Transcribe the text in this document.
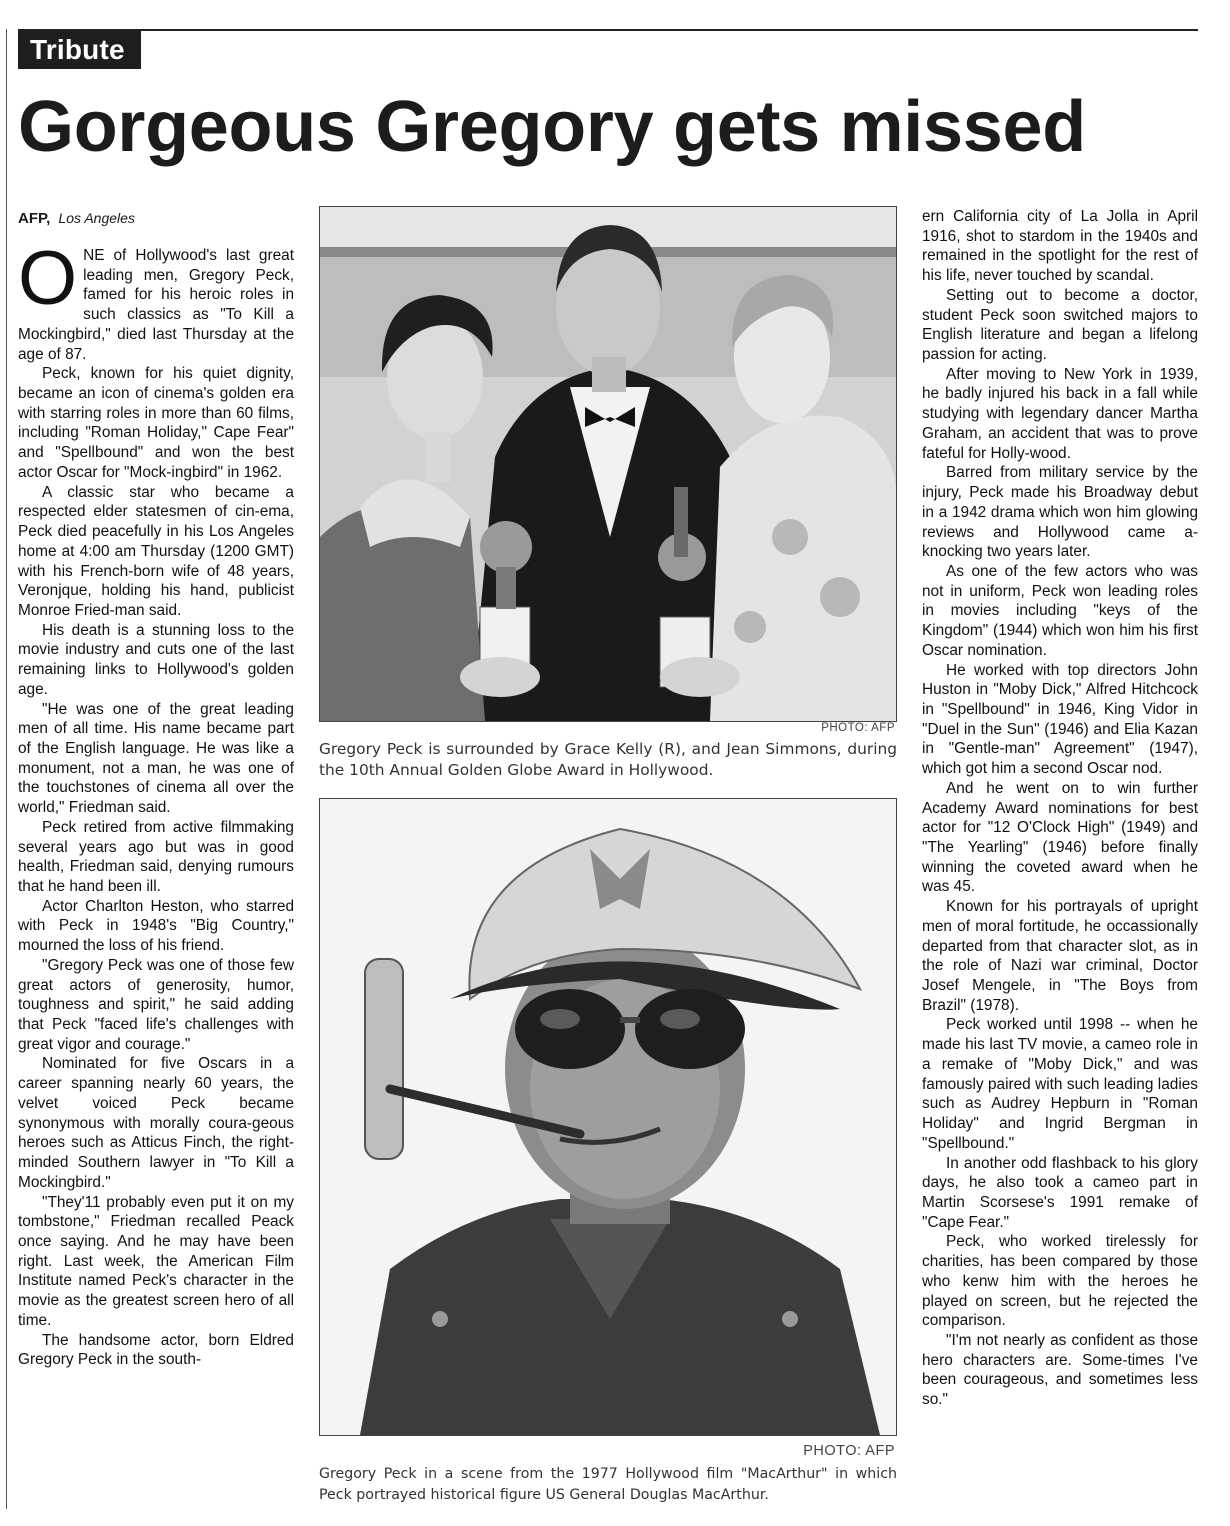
Tribute
Gorgeous Gregory gets missed
AFP, Los Angeles

ONE of Hollywood's last great leading men, Gregory Peck, famed for his heroic roles in such classics as "To Kill a Mockingbird," died last Thursday at the age of 87.

Peck, known for his quiet dignity, became an icon of cinema's golden era with starring roles in more than 60 films, including "Roman Holiday," Cape Fear" and "Spellbound" and won the best actor Oscar for "Mock-ingbird" in 1962.

A classic star who became a respected elder statesmen of cin-ema, Peck died peacefully in his Los Angeles home at 4:00 am Thursday (1200 GMT) with his French-born wife of 48 years, Veronjque, holding his hand, publicist Monroe Fried-man said.

His death is a stunning loss to the movie industry and cuts one of the last remaining links to Hollywood's golden age.

"He was one of the great leading men of all time. His name became part of the English language. He was like a monument, not a man, he was one of the touchstones of cinema all over the world," Friedman said.

Peck retired from active filmmaking several years ago but was in good health, Friedman said, denying rumours that he hand been ill.

Actor Charlton Heston, who starred with Peck in 1948's "Big Country," mourned the loss of his friend.

"Gregory Peck was one of those few great actors of generosity, humor, toughness and spirit," he said adding that Peck "faced life's challenges with great vigor and courage."

Nominated for five Oscars in a career spanning nearly 60 years, the velvet voiced Peck became synonymous with morally coura-geous heroes such as Atticus Finch, the right-minded Southern lawyer in "To Kill a Mockingbird."

"They'11 probably even put it on my tombstone," Friedman recalled Peack once saying. And he may have been right. Last week, the American Film Institute named Peck's character in the movie as the greatest screen hero of all time.

The handsome actor, born Eldred Gregory Peck in the south-

PHOTO: AFP
Gregory Peck is surrounded by Grace Kelly (R), and Jean Simmons, during the 10th Annual Golden Globe Award in Hollywood.
PHOTO: AFP
Gregory Peck in a scene from the 1977 Hollywood film "MacArthur" in which Peck portrayed historical figure US General Douglas MacArthur.

ern California city of La Jolla in April 1916, shot to stardom in the 1940s and remained in the spotlight for the rest of his life, never touched by scandal.

Setting out to become a doctor, student Peck soon switched majors to English literature and began a lifelong passion for acting.

After moving to New York in 1939, he badly injured his back in a fall while studying with legendary dancer Martha Graham, an accident that was to prove fateful for Holly-wood.

Barred from military service by the injury, Peck made his Broadway debut in a 1942 drama which won him glowing reviews and Hollywood came a-knocking two years later.

As one of the few actors who was not in uniform, Peck won leading roles in movies including "keys of the Kingdom" (1944) which won him his first Oscar nomination.

He worked with top directors John Huston in "Moby Dick," Alfred Hitchcock in "Spellbound" in 1946, King Vidor in "Duel in the Sun" (1946) and Elia Kazan in "Gentle-man" Agreement" (1947), which got him a second Oscar nod.

And he went on to win further Academy Award nominations for best actor for "12 O'Clock High" (1949) and "The Yearling" (1946) before finally winning the coveted award when he was 45.

Known for his portrayals of upright men of moral fortitude, he occassionally departed from that character slot, as in the role of Nazi war criminal, Doctor Josef Mengele, in "The Boys from Brazil" (1978).

Peck worked until 1998 -- when he made his last TV movie, a cameo role in a remake of "Moby Dick," and was famously paired with such leading ladies such as Audrey Hepburn in "Roman Holiday" and Ingrid Bergman in "Spellbound."

In another odd flashback to his glory days, he also took a cameo part in Martin Scorsese's 1991 remake of "Cape Fear."

Peck, who worked tirelessly for charities, has been compared by those who kenw him with the heroes he played on screen, but he rejected the comparison.

"I'm not nearly as confident as those hero characters are. Some-times I've been courageous, and sometimes less so."
